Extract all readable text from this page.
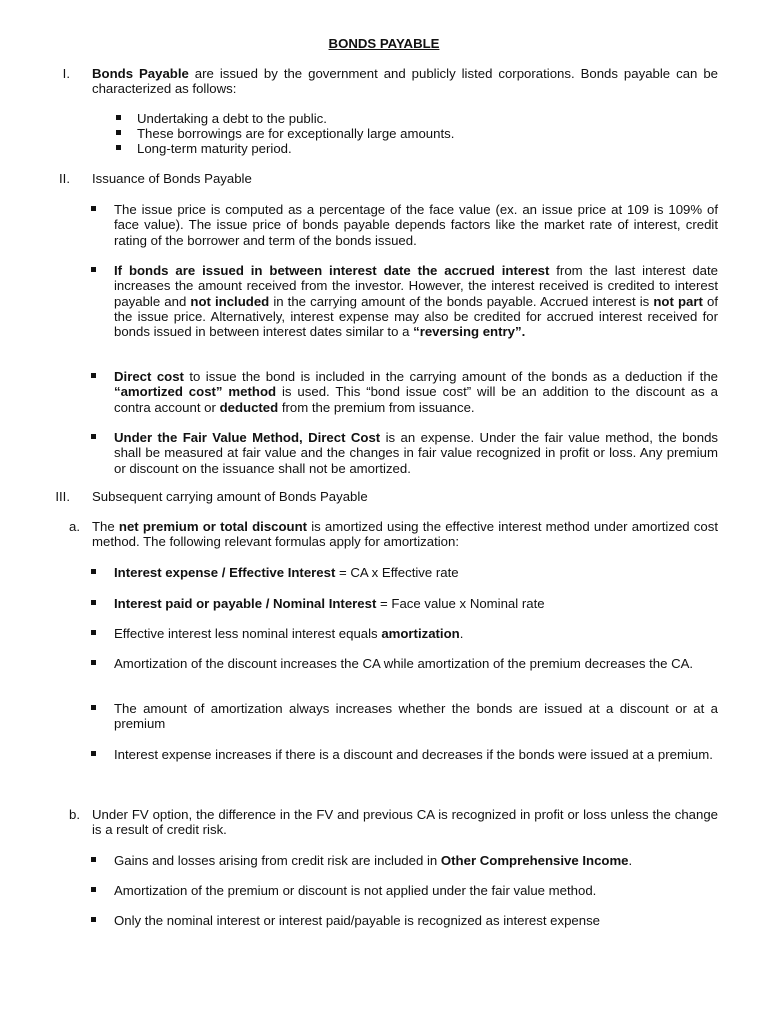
BONDS PAYABLE
I. Bonds Payable are issued by the government and publicly listed corporations. Bonds payable can be characterized as follows:
Undertaking a debt to the public.
These borrowings are for exceptionally large amounts.
Long-term maturity period.
II. Issuance of Bonds Payable
The issue price is computed as a percentage of the face value (ex. an issue price at 109 is 109% of face value). The issue price of bonds payable depends factors like the market rate of interest, credit rating of the borrower and term of the bonds issued.
If bonds are issued in between interest date the accrued interest from the last interest date increases the amount received from the investor. However, the interest received is credited to interest payable and not included in the carrying amount of the bonds payable. Accrued interest is not part of the issue price. Alternatively, interest expense may also be credited for accrued interest received for bonds issued in between interest dates similar to a “reversing entry”.
Direct cost to issue the bond is included in the carrying amount of the bonds as a deduction if the “amortized cost” method is used. This “bond issue cost” will be an addition to the discount as a contra account or deducted from the premium from issuance.
Under the Fair Value Method, Direct Cost is an expense. Under the fair value method, the bonds shall be measured at fair value and the changes in fair value recognized in profit or loss. Any premium or discount on the issuance shall not be amortized.
III. Subsequent carrying amount of Bonds Payable
a. The net premium or total discount is amortized using the effective interest method under amortized cost method. The following relevant formulas apply for amortization:
Interest expense / Effective Interest = CA x Effective rate
Interest paid or payable / Nominal Interest = Face value x Nominal rate
Effective interest less nominal interest equals amortization.
Amortization of the discount increases the CA while amortization of the premium decreases the CA.
The amount of amortization always increases whether the bonds are issued at a discount or at a premium
Interest expense increases if there is a discount and decreases if the bonds were issued at a premium.
b. Under FV option, the difference in the FV and previous CA is recognized in profit or loss unless the change is a result of credit risk.
Gains and losses arising from credit risk are included in Other Comprehensive Income.
Amortization of the premium or discount is not applied under the fair value method.
Only the nominal interest or interest paid/payable is recognized as interest expense
